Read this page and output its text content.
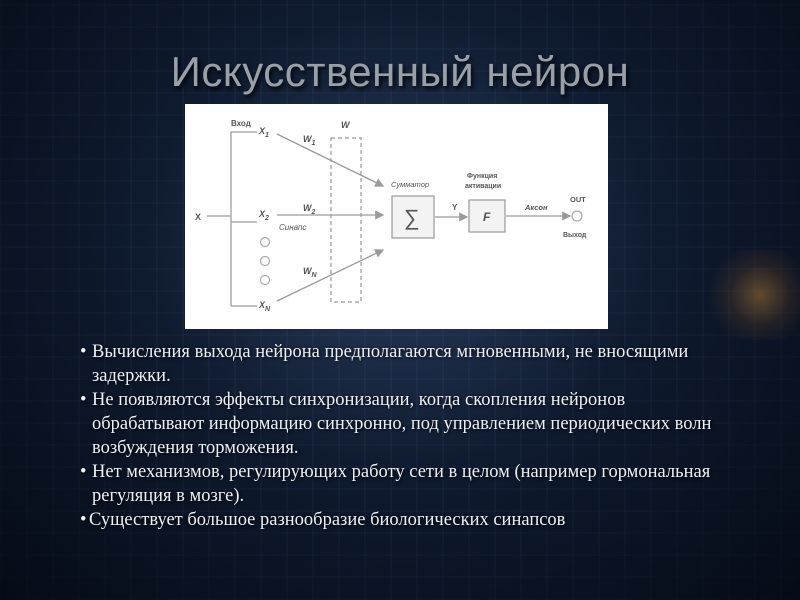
Искусственный нейрон
X
Вход
$X_1$
$X_2$
$X_N$
$W_1$
$W_2$
$W_N$
Синапс
W
Сумматор
∑	Y
Функция
активации
F
Аксон
OUT
Выход
• Вычисления выхода нейрона предполагаются мгновенными, не вносящими задержки.
• Не появляются эффекты синхронизации, когда скопления нейронов обрабатывают информацию синхронно, под управлением периодических волн возбуждения торможения.
• Нет механизмов, регулирующих работу сети в целом (например гормональная регуляция в мозге).
• Существует большое разнообразие биологических синапсов
